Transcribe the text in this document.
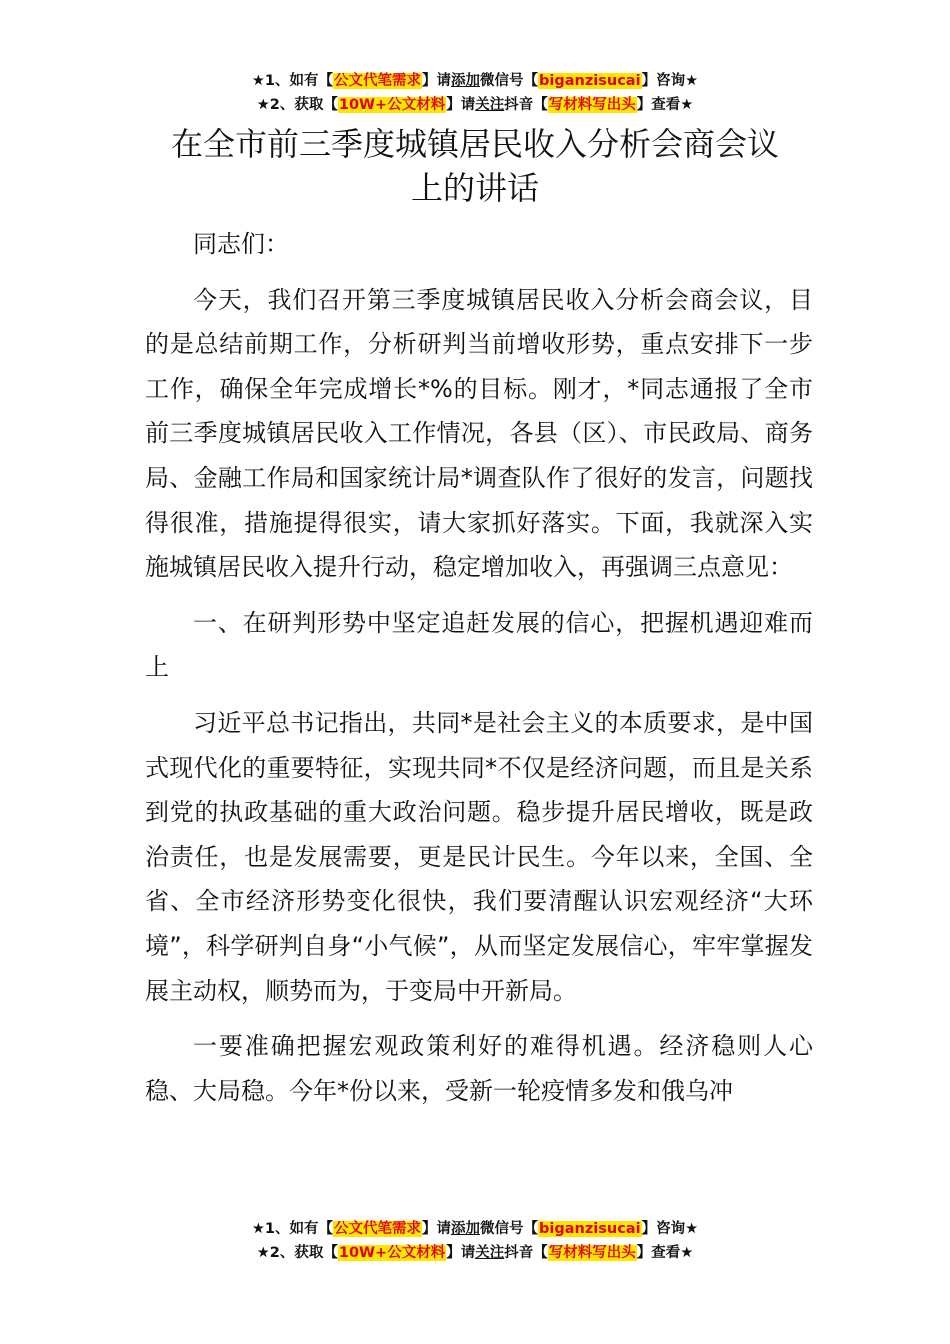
★1、如有【公文代笔需求】请添加微信号【biganzisucai】咨询★
★2、获取【10W+公文材料】请关注抖音【写材料写出头】查看★
在全市前三季度城镇居民收入分析会商会议
上的讲话

同志们：

今天，我们召开第三季度城镇居民收入分析会商会议，目的是总结前期工作，分析研判当前增收形势，重点安排下一步工作，确保全年完成增长*%的目标。刚才，*同志通报了全市前三季度城镇居民收入工作情况，各县（区）、市民政局、商务局、金融工作局和国家统计局*调查队作了很好的发言，问题找得很准，措施提得很实，请大家抓好落实。下面，我就深入实施城镇居民收入提升行动，稳定增加收入，再强调三点意见：

一、在研判形势中坚定追赶发展的信心，把握机遇迎难而上

习近平总书记指出，共同*是社会主义的本质要求，是中国式现代化的重要特征，实现共同*不仅是经济问题，而且是关系到党的执政基础的重大政治问题。稳步提升居民增收，既是政治责任，也是发展需要，更是民计民生。今年以来，全国、全省、全市经济形势变化很快，我们要清醒认识宏观经济“大环境”，科学研判自身“小气候”，从而坚定发展信心，牢牢掌握发展主动权，顺势而为，于变局中开新局。

一要准确把握宏观政策利好的难得机遇。经济稳则人心稳、大局稳。今年*份以来，受新一轮疫情多发和俄乌冲

★1、如有【公文代笔需求】请添加微信号【biganzisucai】咨询★
★2、获取【10W+公文材料】请关注抖音【写材料写出头】查看★
